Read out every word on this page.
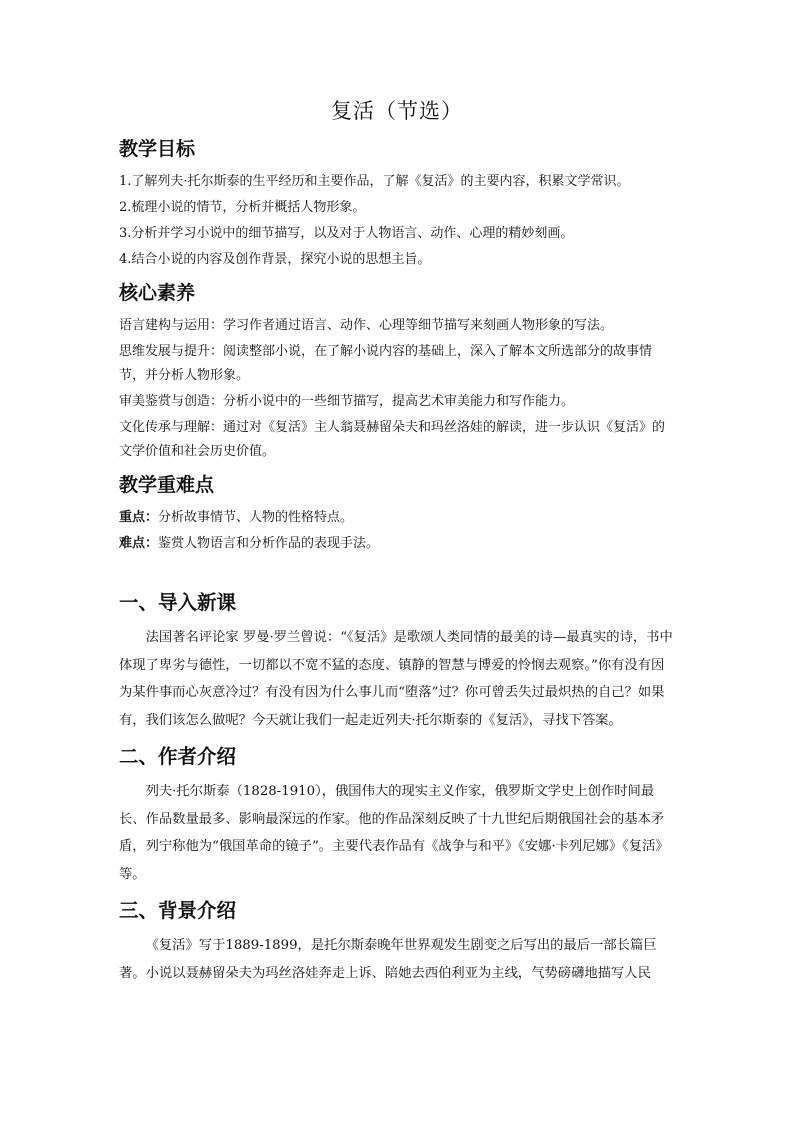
复活（节选）
教学目标
1.了解列夫·托尔斯泰的生平经历和主要作品，了解《复活》的主要内容，积累文学常识。
2.梳理小说的情节，分析并概括人物形象。
3.分析并学习小说中的细节描写，以及对于人物语言、动作、心理的精妙刻画。
4.结合小说的内容及创作背景，探究小说的思想主旨。
核心素养
语言建构与运用：学习作者通过语言、动作、心理等细节描写来刻画人物形象的写法。
思维发展与提升：阅读整部小说，在了解小说内容的基础上，深入了解本文所选部分的故事情节，并分析人物形象。
审美鉴赏与创造：分析小说中的一些细节描写，提高艺术审美能力和写作能力。
文化传承与理解：通过对《复活》主人翁聂赫留朵夫和玛丝洛娃的解读，进一步认识《复活》的文学价值和社会历史价值。
教学重难点
重点：分析故事情节、人物的性格特点。
难点：鉴赏人物语言和分析作品的表现手法。
一、导入新课

法国著名评论家 罗曼·罗兰曾说：“《复活》是歌颂人类同情的最美的诗—最真实的诗，书中体现了卑劣与德性，一切都以不宽不猛的态度、镇静的智慧与博爱的怜悯去观察。”你有没有因为某件事而心灰意冷过？有没有因为什么事儿而“堕落”过？你可曾丢失过最炽热的自己？如果有，我们该怎么做呢？今天就让我们一起走近列夫·托尔斯泰的《复活》，寻找下答案。

二、作者介绍

列夫·托尔斯泰（1828-1910），俄国伟大的现实主义作家，俄罗斯文学史上创作时间最长、作品数量最多、影响最深远的作家。他的作品深刻反映了十九世纪后期俄国社会的基本矛盾，列宁称他为“俄国革命的镜子”。主要代表作品有《战争与和平》《安娜·卡列尼娜》《复活》等。

三、背景介绍

《复活》写于1889-1899，是托尔斯泰晚年世界观发生剧变之后写出的最后一部长篇巨著。小说以聂赫留朵夫为玛丝洛娃奔走上诉、陪她去西伯利亚为主线，气势磅礴地描写人民
